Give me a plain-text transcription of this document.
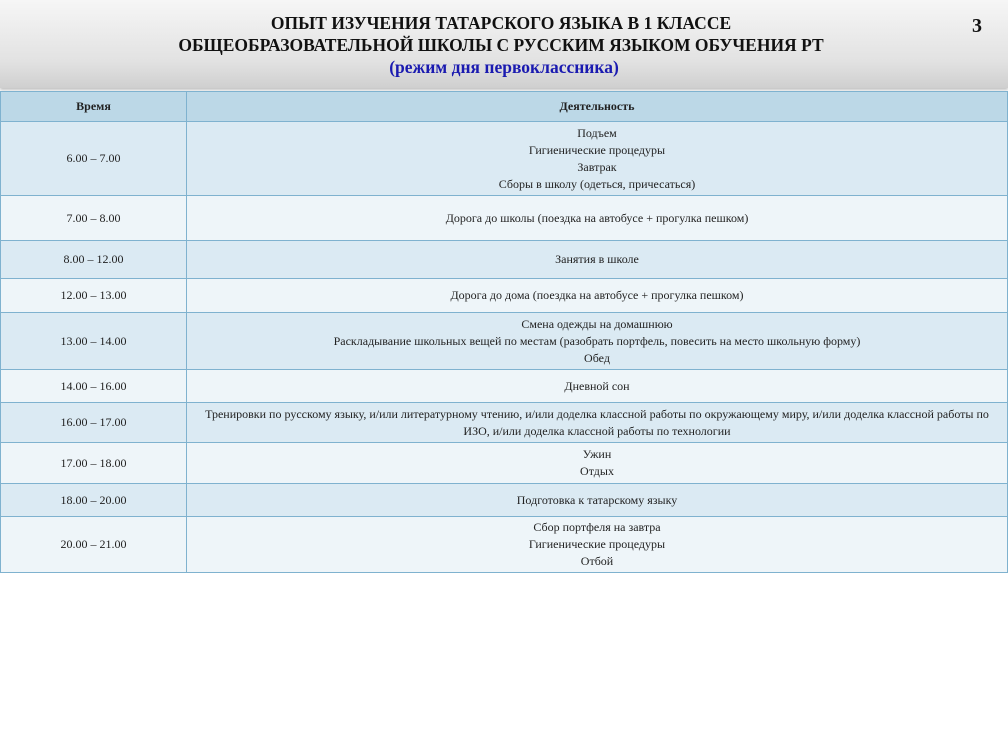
ОПЫТ ИЗУЧЕНИЯ ТАТАРСКОГО ЯЗЫКА В 1 КЛАССЕ
ОБЩЕОБРАЗОВАТЕЛЬНОЙ ШКОЛЫ С РУССКИМ ЯЗЫКОМ ОБУЧЕНИЯ РТ
(режим дня первоклассника)
3
Время	Деятельность
6.00 – 7.00	Подъем
Гигиенические процедуры
Завтрак
Сборы в школу (одеться, причесаться)

7.00 – 8.00	Дорога до школы (поездка на автобусе + прогулка пешком)

8.00 – 12.00	Занятия в школе

12.00 – 13.00	Дорога до дома (поездка на автобусе + прогулка пешком)

13.00 – 14.00	Смена одежды на домашнюю
Раскладывание школьных вещей по местам (разобрать портфель, повесить на место школьную форму)
Обед

14.00 – 16.00	Дневной сон

16.00 – 17.00	Тренировки по русскому языку, и/или литературному чтению, и/или доделка классной работы по окружающему миру, и/или доделка классной работы по ИЗО, и/или доделка классной работы по технологии

17.00 – 18.00	Ужин
Отдых

18.00 – 20.00	Подготовка к татарскому языку

20.00 – 21.00	Сбор портфеля на завтра
Гигиенические процедуры
Отбой
